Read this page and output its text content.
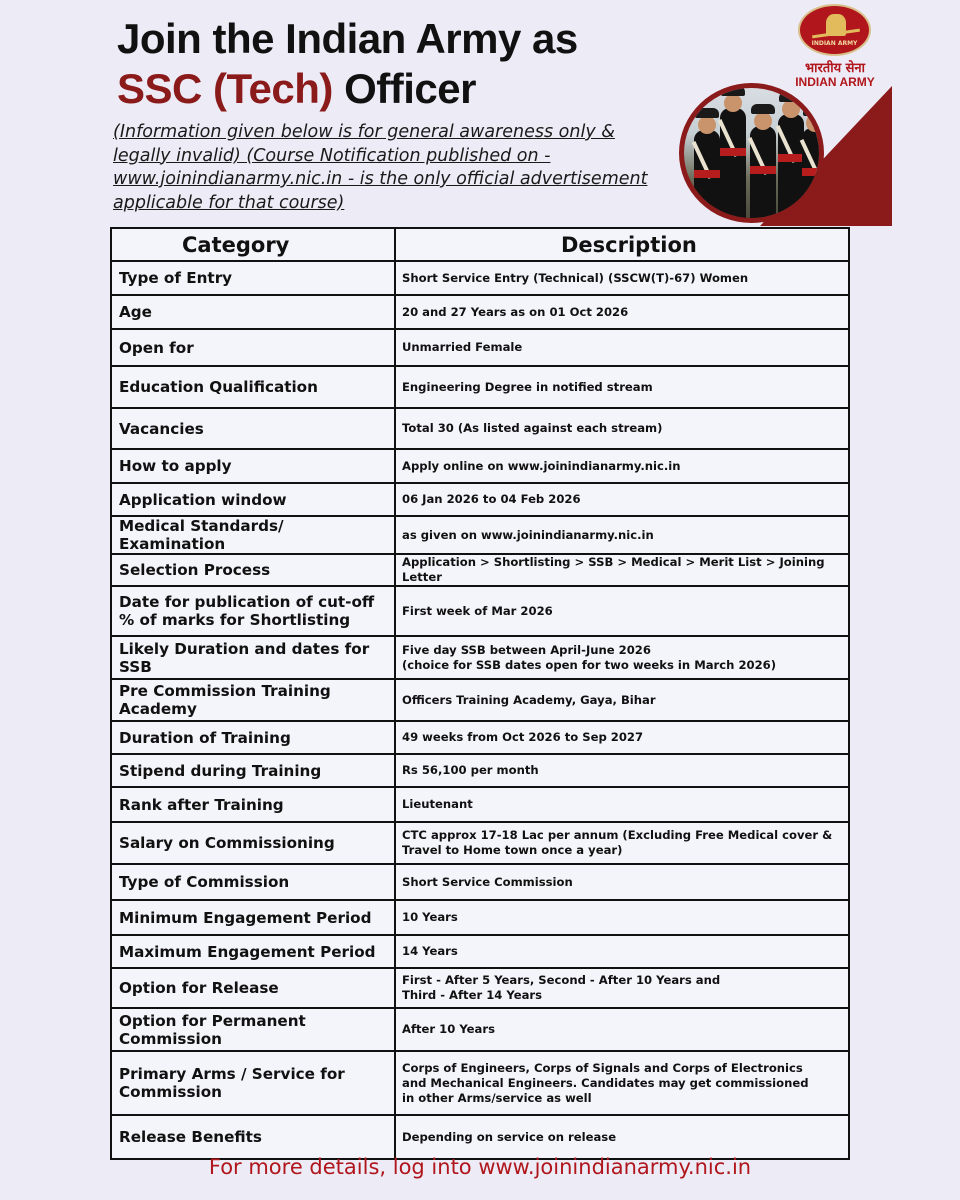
Join the Indian Army as
SSC (Tech) Officer
(Information given below is for general awareness only & legally invalid) (Course Notification published on - www.joinindianarmy.nic.in - is the only official advertisement applicable for that course)
INDIAN ARMY
भारतीय सेना
INDIAN ARMY
Category	Description
Type of Entry	Short Service Entry (Technical) (SSCW(T)-67) Women
Age	20 and 27 Years as on 01 Oct 2026
Open for	Unmarried Female
Education Qualification	Engineering Degree in notified stream
Vacancies	Total 30 (As listed against each stream)
How to apply	Apply online on www.joinindianarmy.nic.in
Application window	06 Jan 2026 to 04 Feb 2026
Medical Standards/ Examination	as given on www.joinindianarmy.nic.in
Selection Process	Application > Shortlisting > SSB > Medical > Merit List > Joining Letter
Date for publication of cut-off % of marks for Shortlisting	First week of Mar 2026
Likely Duration and dates for SSB	Five day SSB between April-June 2026
(choice for SSB dates open for two weeks in March 2026)
Pre Commission Training Academy	Officers Training Academy, Gaya, Bihar
Duration of Training	49 weeks from Oct 2026 to Sep 2027
Stipend during Training	Rs 56,100 per month
Rank after Training	Lieutenant
Salary on Commissioning	CTC approx 17-18 Lac per annum (Excluding Free Medical cover &
Travel to Home town once a year)
Type of Commission	Short Service Commission
Minimum Engagement Period	10 Years
Maximum Engagement Period	14 Years
Option for Release	First - After 5 Years, Second - After 10 Years and
Third - After 14 Years
Option for Permanent Commission	After 10 Years
Primary Arms / Service for Commission	Corps of Engineers, Corps of Signals and Corps of Electronics
and Mechanical Engineers. Candidates may get commissioned
in other Arms/service as well
Release Benefits	Depending on service on release
For more details, log into www.joinindianarmy.nic.in
